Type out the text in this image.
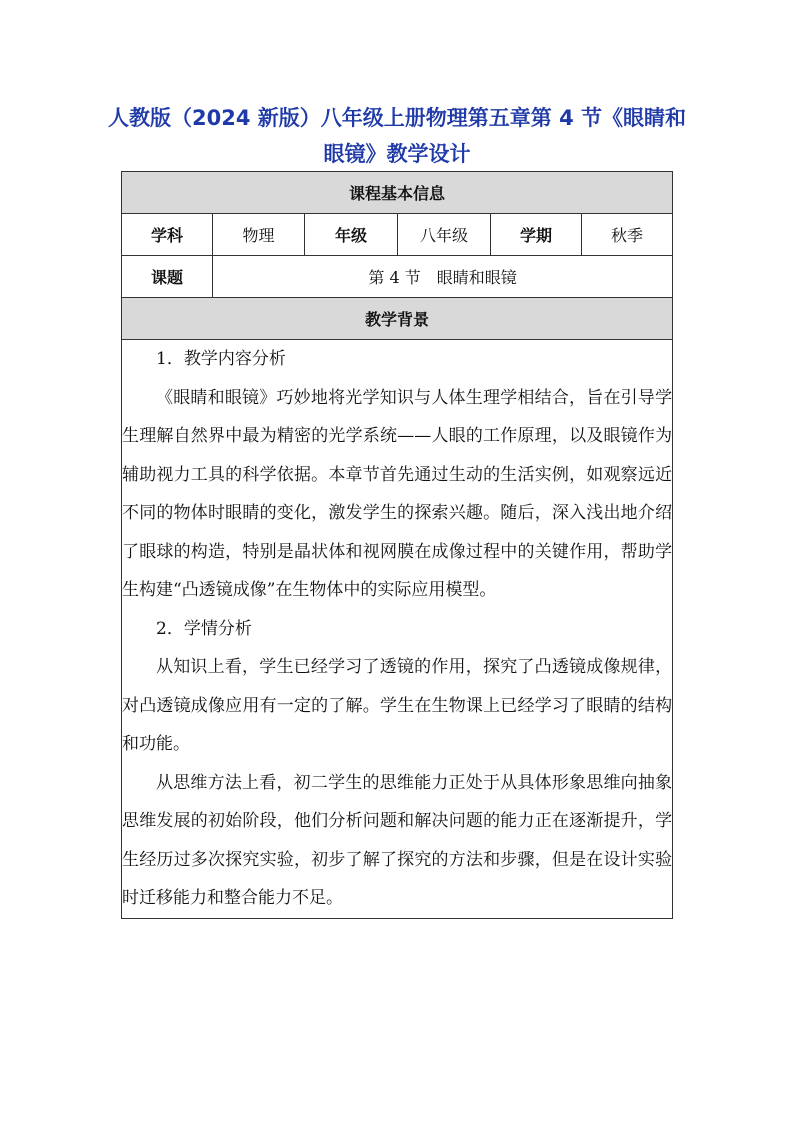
人教版（2024 新版）八年级上册物理第五章第 4 节《眼睛和眼镜》教学设计
课程基本信息					
学科	物理	年级	八年级	学期	秋季
课题	第 4 节　眼睛和眼镜				
教学背景					

1．教学内容分析

《眼睛和眼镜》巧妙地将光学知识与人体生理学相结合，旨在引导学生理解自然界中最为精密的光学系统——人眼的工作原理，以及眼镜作为辅助视力工具的科学依据。本章节首先通过生动的生活实例，如观察远近不同的物体时眼睛的变化，激发学生的探索兴趣。随后，深入浅出地介绍了眼球的构造，特别是晶状体和视网膜在成像过程中的关键作用，帮助学生构建“凸透镜成像”在生物体中的实际应用模型。

2．学情分析

从知识上看，学生已经学习了透镜的作用，探究了凸透镜成像规律，对凸透镜成像应用有一定的了解。学生在生物课上已经学习了眼睛的结构和功能。

从思维方法上看，初二学生的思维能力正处于从具体形象思维向抽象思维发展的初始阶段，他们分析问题和解决问题的能力正在逐渐提升，学生经历过多次探究实验，初步了解了探究的方法和步骤，但是在设计实验时迁移能力和整合能力不足。					
